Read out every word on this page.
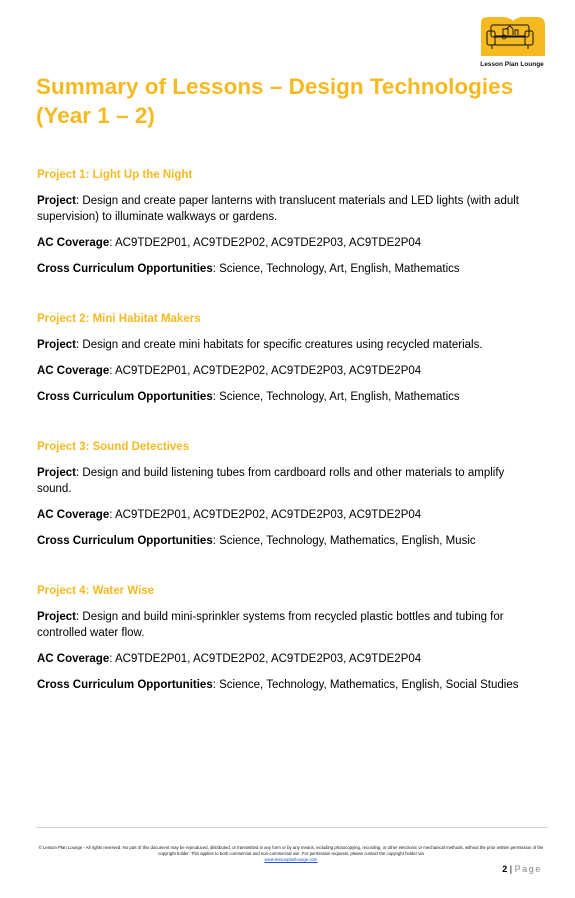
Lesson Plan Lounge
Summary of Lessons – Design Technologies (Year 1 – 2)
Project 1: Light Up the Night

Project: Design and create paper lanterns with translucent materials and LED lights (with adult supervision) to illuminate walkways or gardens.

AC Coverage: AC9TDE2P01, AC9TDE2P02, AC9TDE2P03, AC9TDE2P04

Cross Curriculum Opportunities: Science, Technology, Art, English, Mathematics

Project 2: Mini Habitat Makers

Project: Design and create mini habitats for specific creatures using recycled materials.

AC Coverage: AC9TDE2P01, AC9TDE2P02, AC9TDE2P03, AC9TDE2P04

Cross Curriculum Opportunities: Science, Technology, Art, English, Mathematics

Project 3: Sound Detectives

Project: Design and build listening tubes from cardboard rolls and other materials to amplify sound.

AC Coverage: AC9TDE2P01, AC9TDE2P02, AC9TDE2P03, AC9TDE2P04

Cross Curriculum Opportunities: Science, Technology, Mathematics, English, Music

Project 4: Water Wise

Project: Design and build mini-sprinkler systems from recycled plastic bottles and tubing for controlled water flow.

AC Coverage: AC9TDE2P01, AC9TDE2P02, AC9TDE2P03, AC9TDE2P04

Cross Curriculum Opportunities: Science, Technology, Mathematics, English, Social Studies

© Lesson Plan Lounge - All rights reserved. No part of this document may be reproduced, distributed, or transmitted in any form or by any means, including photocopying, recording, or other electronic or mechanical methods, without the prior written permission of the copyright holder. This applies to both commercial and non-commercial use. For permission requests, please contact the copyright holder via
www.lessonplanlounge.com
2 | Page
